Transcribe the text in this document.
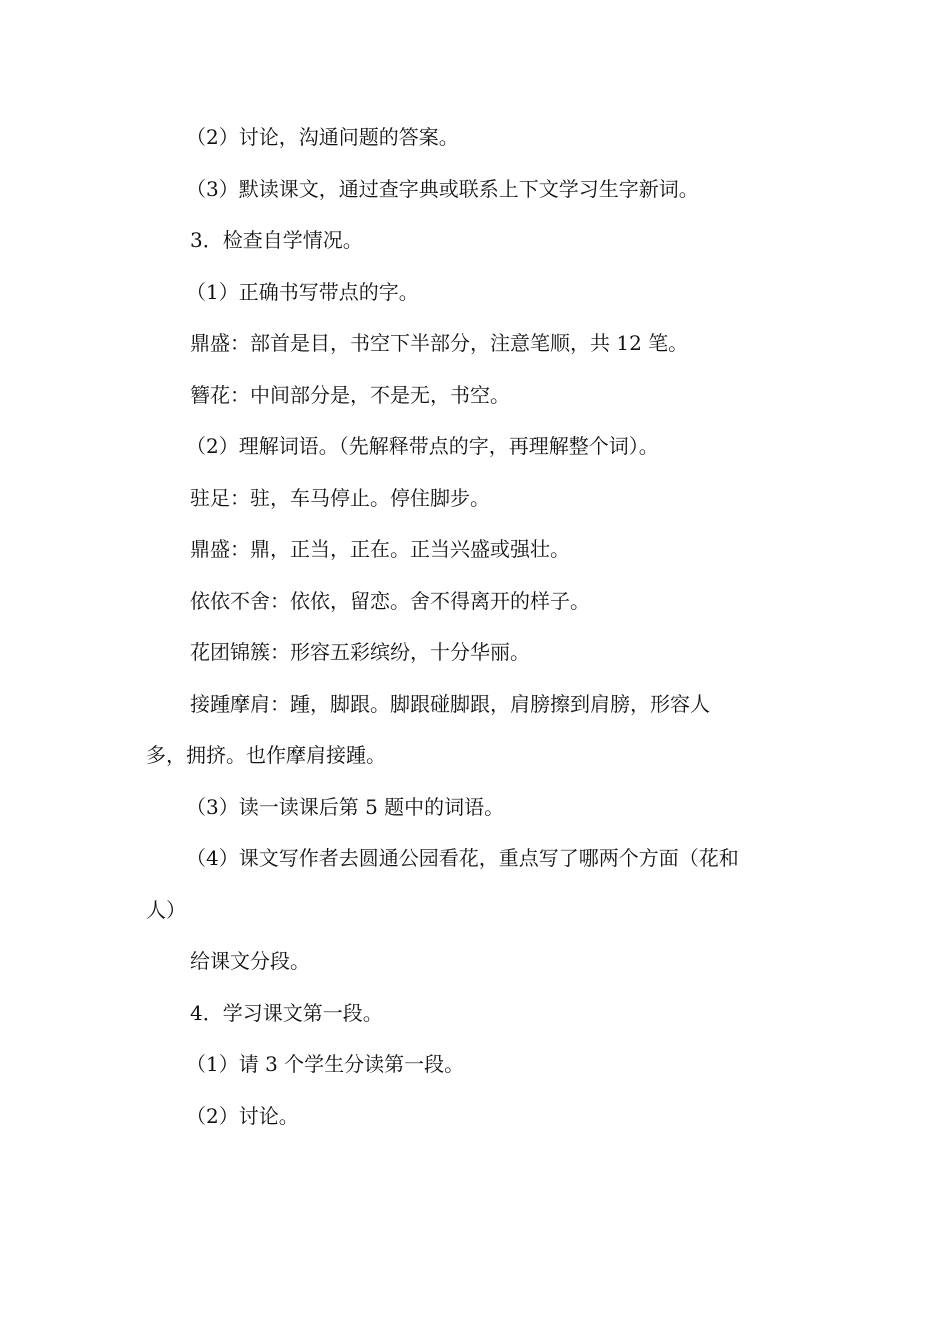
（2）讨论，沟通问题的答案。
（3）默读课文，通过查字典或联系上下文学习生字新词。
3．检查自学情况。
（1）正确书写带点的字。
鼎盛：部首是目，书空下半部分，注意笔顺，共 12 笔。
簪花：中间部分是，不是无，书空。
（2）理解词语。（先解释带点的字，再理解整个词）。
驻足：驻，车马停止。停住脚步。
鼎盛：鼎，正当，正在。正当兴盛或强壮。
依依不舍：依依，留恋。舍不得离开的样子。
花团锦簇：形容五彩缤纷，十分华丽。
接踵摩肩：踵，脚跟。脚跟碰脚跟，肩膀擦到肩膀，形容人
多，拥挤。也作摩肩接踵。
（3）读一读课后第 5 题中的词语。
（4）课文写作者去圆通公园看花，重点写了哪两个方面（花和
人）
给课文分段。
4．学习课文第一段。
（1）请 3 个学生分读第一段。
（2）讨论。
